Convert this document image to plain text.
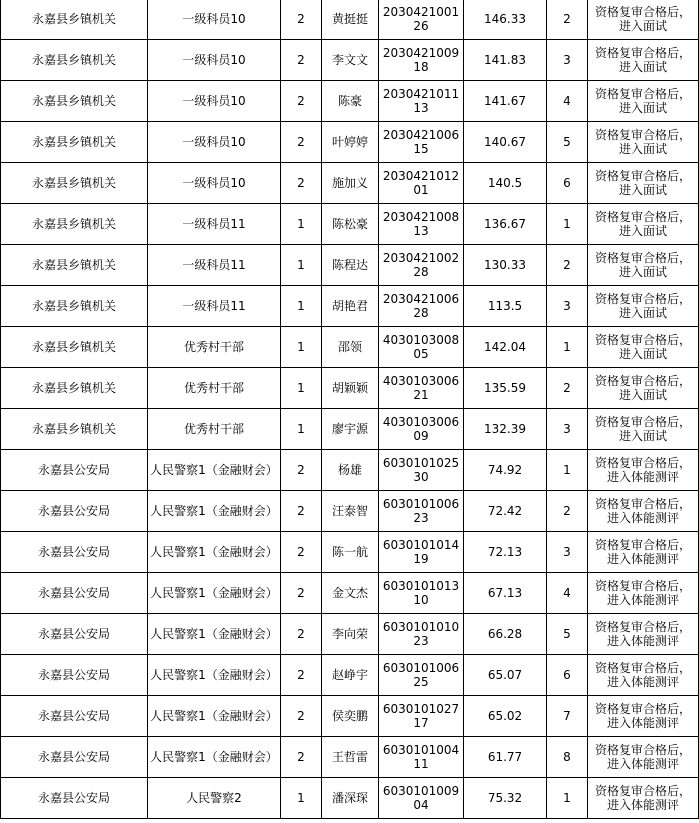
永嘉县乡镇机关	一级科员10	2	黄挺挺	203042100126	146.33	2	资格复审合格后，进入面试
永嘉县乡镇机关	一级科员10	2	李文文	203042100918	141.83	3	资格复审合格后，进入面试
永嘉县乡镇机关	一级科员10	2	陈豪	203042101113	141.67	4	资格复审合格后，进入面试
永嘉县乡镇机关	一级科员10	2	叶婷婷	203042100615	140.67	5	资格复审合格后，进入面试
永嘉县乡镇机关	一级科员10	2	施加义	203042101201	140.5	6	资格复审合格后，进入面试
永嘉县乡镇机关	一级科员11	1	陈松豪	203042100813	136.67	1	资格复审合格后，进入面试
永嘉县乡镇机关	一级科员11	1	陈程达	203042100228	130.33	2	资格复审合格后，进入面试
永嘉县乡镇机关	一级科员11	1	胡艳君	203042100628	113.5	3	资格复审合格后，进入面试
永嘉县乡镇机关	优秀村干部	1	邵领	403010300805	142.04	1	资格复审合格后，进入面试
永嘉县乡镇机关	优秀村干部	1	胡颖颖	403010300621	135.59	2	资格复审合格后，进入面试
永嘉县乡镇机关	优秀村干部	1	廖宇源	403010300609	132.39	3	资格复审合格后，进入面试
永嘉县公安局	人民警察1（金融财会）	2	杨雄	603010102530	74.92	1	资格复审合格后，进入体能测评
永嘉县公安局	人民警察1（金融财会）	2	汪泰智	603010100623	72.42	2	资格复审合格后，进入体能测评
永嘉县公安局	人民警察1（金融财会）	2	陈一航	603010101419	72.13	3	资格复审合格后，进入体能测评
永嘉县公安局	人民警察1（金融财会）	2	金文杰	603010101310	67.13	4	资格复审合格后，进入体能测评
永嘉县公安局	人民警察1（金融财会）	2	李向荣	603010101023	66.28	5	资格复审合格后，进入体能测评
永嘉县公安局	人民警察1（金融财会）	2	赵峥宇	603010100625	65.07	6	资格复审合格后，进入体能测评
永嘉县公安局	人民警察1（金融财会）	2	侯奕鹏	603010102717	65.02	7	资格复审合格后，进入体能测评
永嘉县公安局	人民警察1（金融财会）	2	王哲雷	603010100411	61.77	8	资格复审合格后，进入体能测评
永嘉县公安局	人民警察2	1	潘深琛	603010100904	75.32	1	资格复审合格后，进入体能测评
